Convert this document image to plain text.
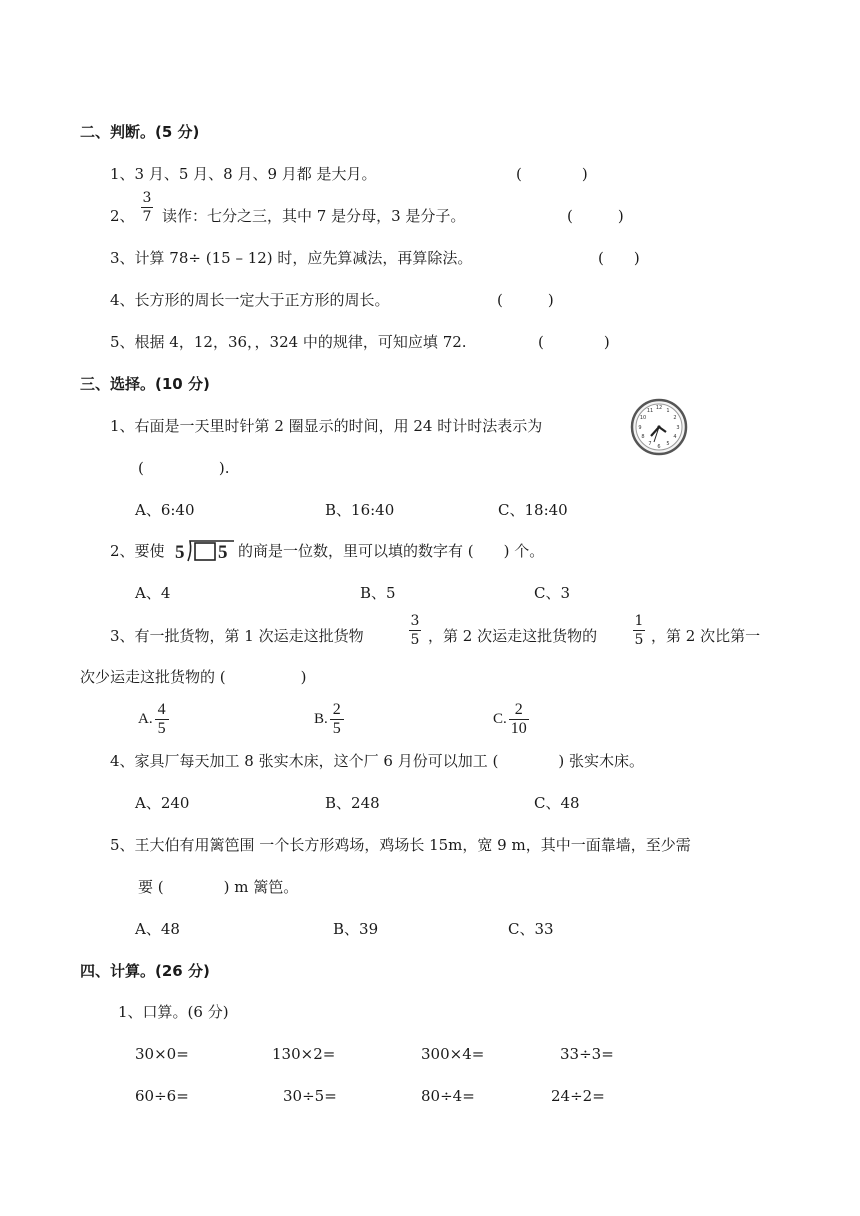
二、判断。(5 分)
1、3 月、5 月、8 月、9 月都 是大月。	(　　　　)
2、
3
7 读作：七分之三，其中 7 是分母，3 是分子。	(　　　)
3、计算 78÷ (15 – 12) 时，应先算减法，再算除法。	(　　)
4、长方形的周长一定大于正方形的周长。	(　　　)
5、根据 4，12，36，，324 中的规律，可知应填 72.	(　　　　)
三、选择。(10 分)
1、右面是一天里时针第 2 圈显示的时间，用 24 时计时法表示为
12 1
2
3
4
5
6
7
8
9
10
11
(　　　　　).
A、6:40	B、16:40	C、18:40
2、要使 5 5 的商是一位数，里可以填的数字有 (　　) 个。
A、4	B、5	C、3
3、有一批货物，第 1 次运走这批货物
3
5 ，第 2 次运走这批货物的
1
5 ，第 2 次比第一
次少运走这批货物的 (　　　　　)
A. $\frac{4}{5}$	B. $\frac{2}{5}$	C. $\frac{2}{10}$
4、家具厂每天加工 8 张实木床，这个厂 6 月份可以加工 (　　　　) 张实木床。
A、240	B、248	C、48
5、王大伯有用篱笆围 一个长方形鸡场，鸡场长 15m，宽 9 m，其中一面靠墙，至少需
要 (　　　　) m 篱笆。
A、48	B、39	C、33
四、计算。(26 分)
1、口算。(6 分)
30×0=	130×2=	300×4=	33÷3=
60÷6=	30÷5=	80÷4=	24÷2=
